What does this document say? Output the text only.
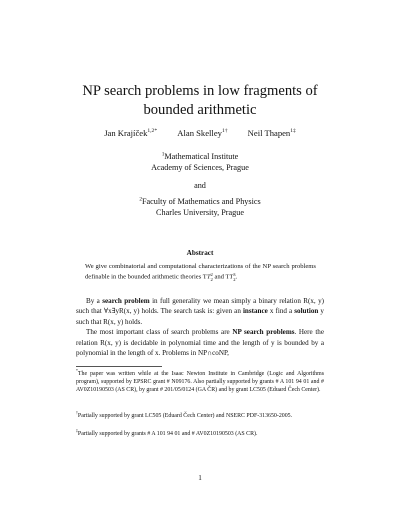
NP search problems in low fragments of
bounded arithmetic
Jan Krajíček$^{1,2*}$ Alan Skelley$^{1\dagger}$ Neil Thapen$^{1\ddagger}$
$^1$Mathematical Institute
Academy of Sciences, Prague
and
$^2$Faculty of Mathematics and Physics
Charles University, Prague
Abstract
We give combinatorial and computational characterizations of the NP search problems definable in the bounded arithmetic theories TT 2
2 and TT 3
2 .

By a search problem in full generality we mean simply a binary relation R(x, y) such that ∀x∃yR(x, y) holds. The search task is: given an instance x find a solution y such that R(x, y) holds.

The most important class of search problems are NP search problems. Here the relation R(x, y) is decidable in polynomial time and the length of y is bounded by a polynomial in the length of x. Problems in NP∩coNP,

*The paper was written while at the Isaac Newton Institute in Cambridge (Logic and Algorithms program), supported by EPSRC grant # N09176. Also partially supported by grants # A 101 94 01 and # AV0Z10190503 (AS CR), by grant # 201/05/0124 (GA ČR) and by grant LC505 (Eduard Čech Center).
†Partially supported by grant LC505 (Eduard Čech Center) and NSERC PDF-313650-2005.
‡Partially supported by grants # A 101 94 01 and # AV0Z10190503 (AS CR).
1
